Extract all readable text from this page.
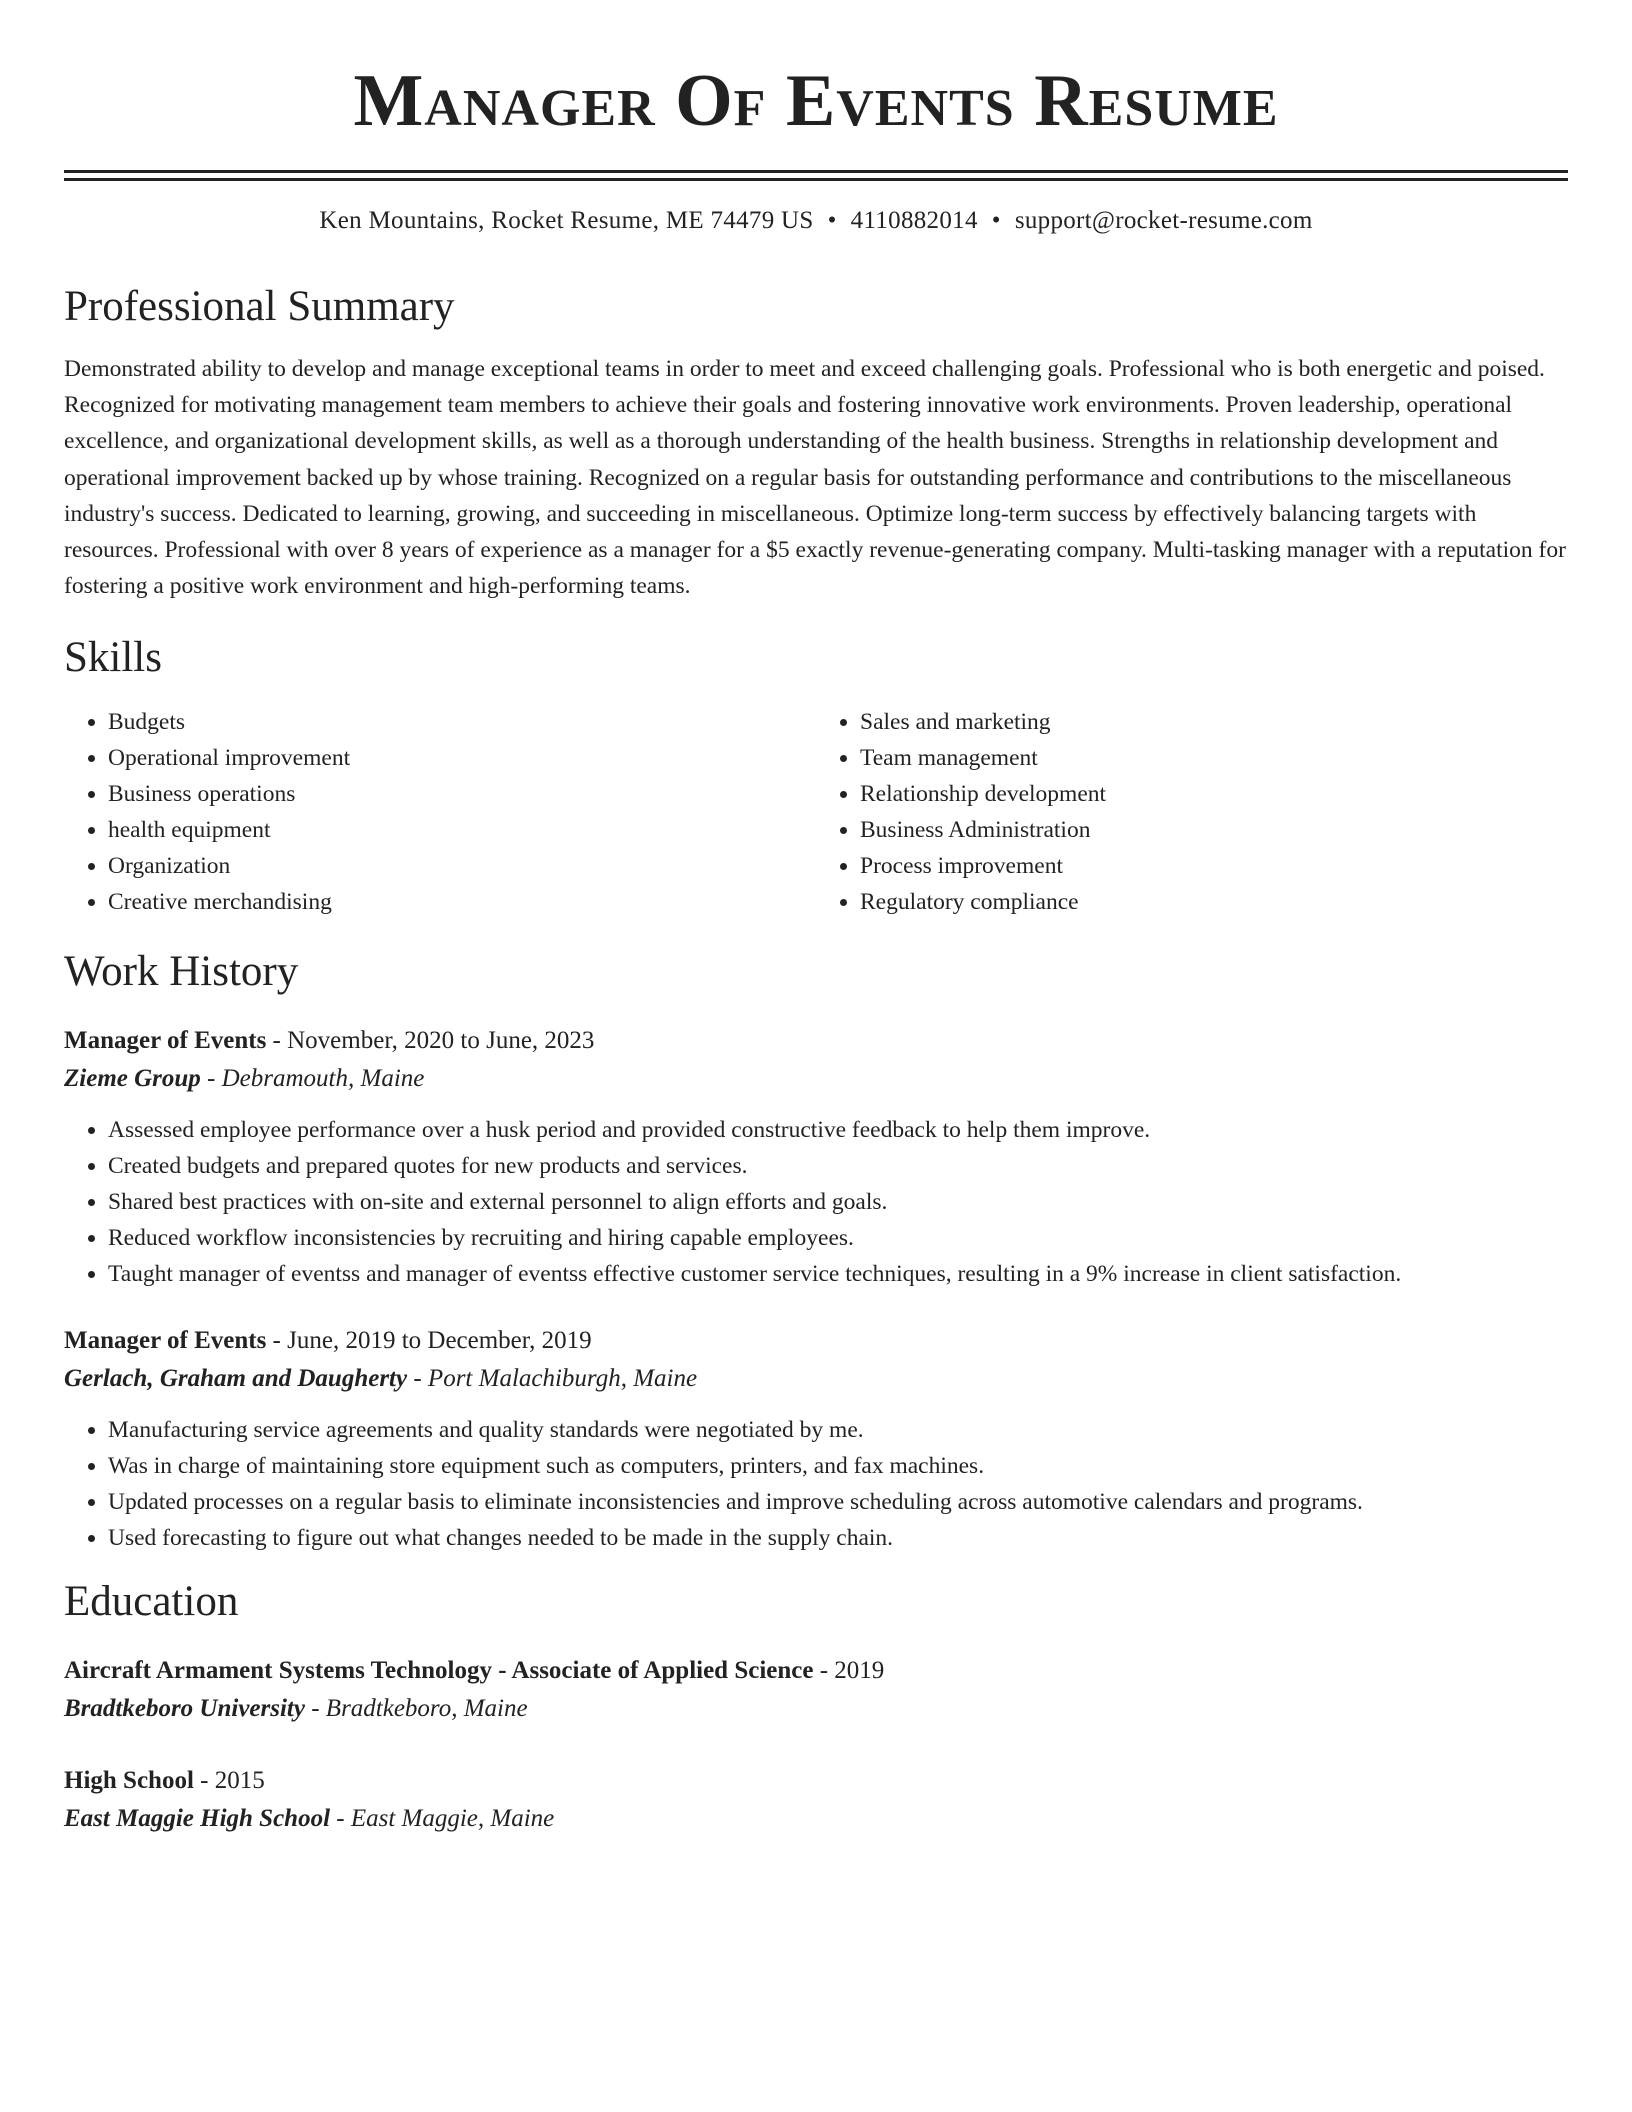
Manager Of Events Resume
Ken Mountains, Rocket Resume, ME 74479 US • 4110882014 • support@rocket-resume.com
Professional Summary

Demonstrated ability to develop and manage exceptional teams in order to meet and exceed challenging goals. Professional who is both energetic and poised. Recognized for motivating management team members to achieve their goals and fostering innovative work environments. Proven leadership, operational excellence, and organizational development skills, as well as a thorough understanding of the health business. Strengths in relationship development and operational improvement backed up by whose training. Recognized on a regular basis for outstanding performance and contributions to the miscellaneous industry's success. Dedicated to learning, growing, and succeeding in miscellaneous. Optimize long-term success by effectively balancing targets with resources. Professional with over 8 years of experience as a manager for a $5 exactly revenue-generating company. Multi-tasking manager with a reputation for fostering a positive work environment and high-performing teams.

Skills
• Budgets
• Operational improvement
• Business operations
• health equipment
• Organization
• Creative merchandising
• Sales and marketing
• Team management
• Relationship development
• Business Administration
• Process improvement
• Regulatory compliance
Work History
Manager of Events - November, 2020 to June, 2023
Zieme Group - Debramouth, Maine
• Assessed employee performance over a husk period and provided constructive feedback to help them improve.
• Created budgets and prepared quotes for new products and services.
• Shared best practices with on-site and external personnel to align efforts and goals.
• Reduced workflow inconsistencies by recruiting and hiring capable employees.
• Taught manager of eventss and manager of eventss effective customer service techniques, resulting in a 9% increase in client satisfaction.
Manager of Events - June, 2019 to December, 2019
Gerlach, Graham and Daugherty - Port Malachiburgh, Maine
• Manufacturing service agreements and quality standards were negotiated by me.
• Was in charge of maintaining store equipment such as computers, printers, and fax machines.
• Updated processes on a regular basis to eliminate inconsistencies and improve scheduling across automotive calendars and programs.
• Used forecasting to figure out what changes needed to be made in the supply chain.
Education
Aircraft Armament Systems Technology - Associate of Applied Science - 2019
Bradtkeboro University - Bradtkeboro, Maine
High School - 2015
East Maggie High School - East Maggie, Maine
